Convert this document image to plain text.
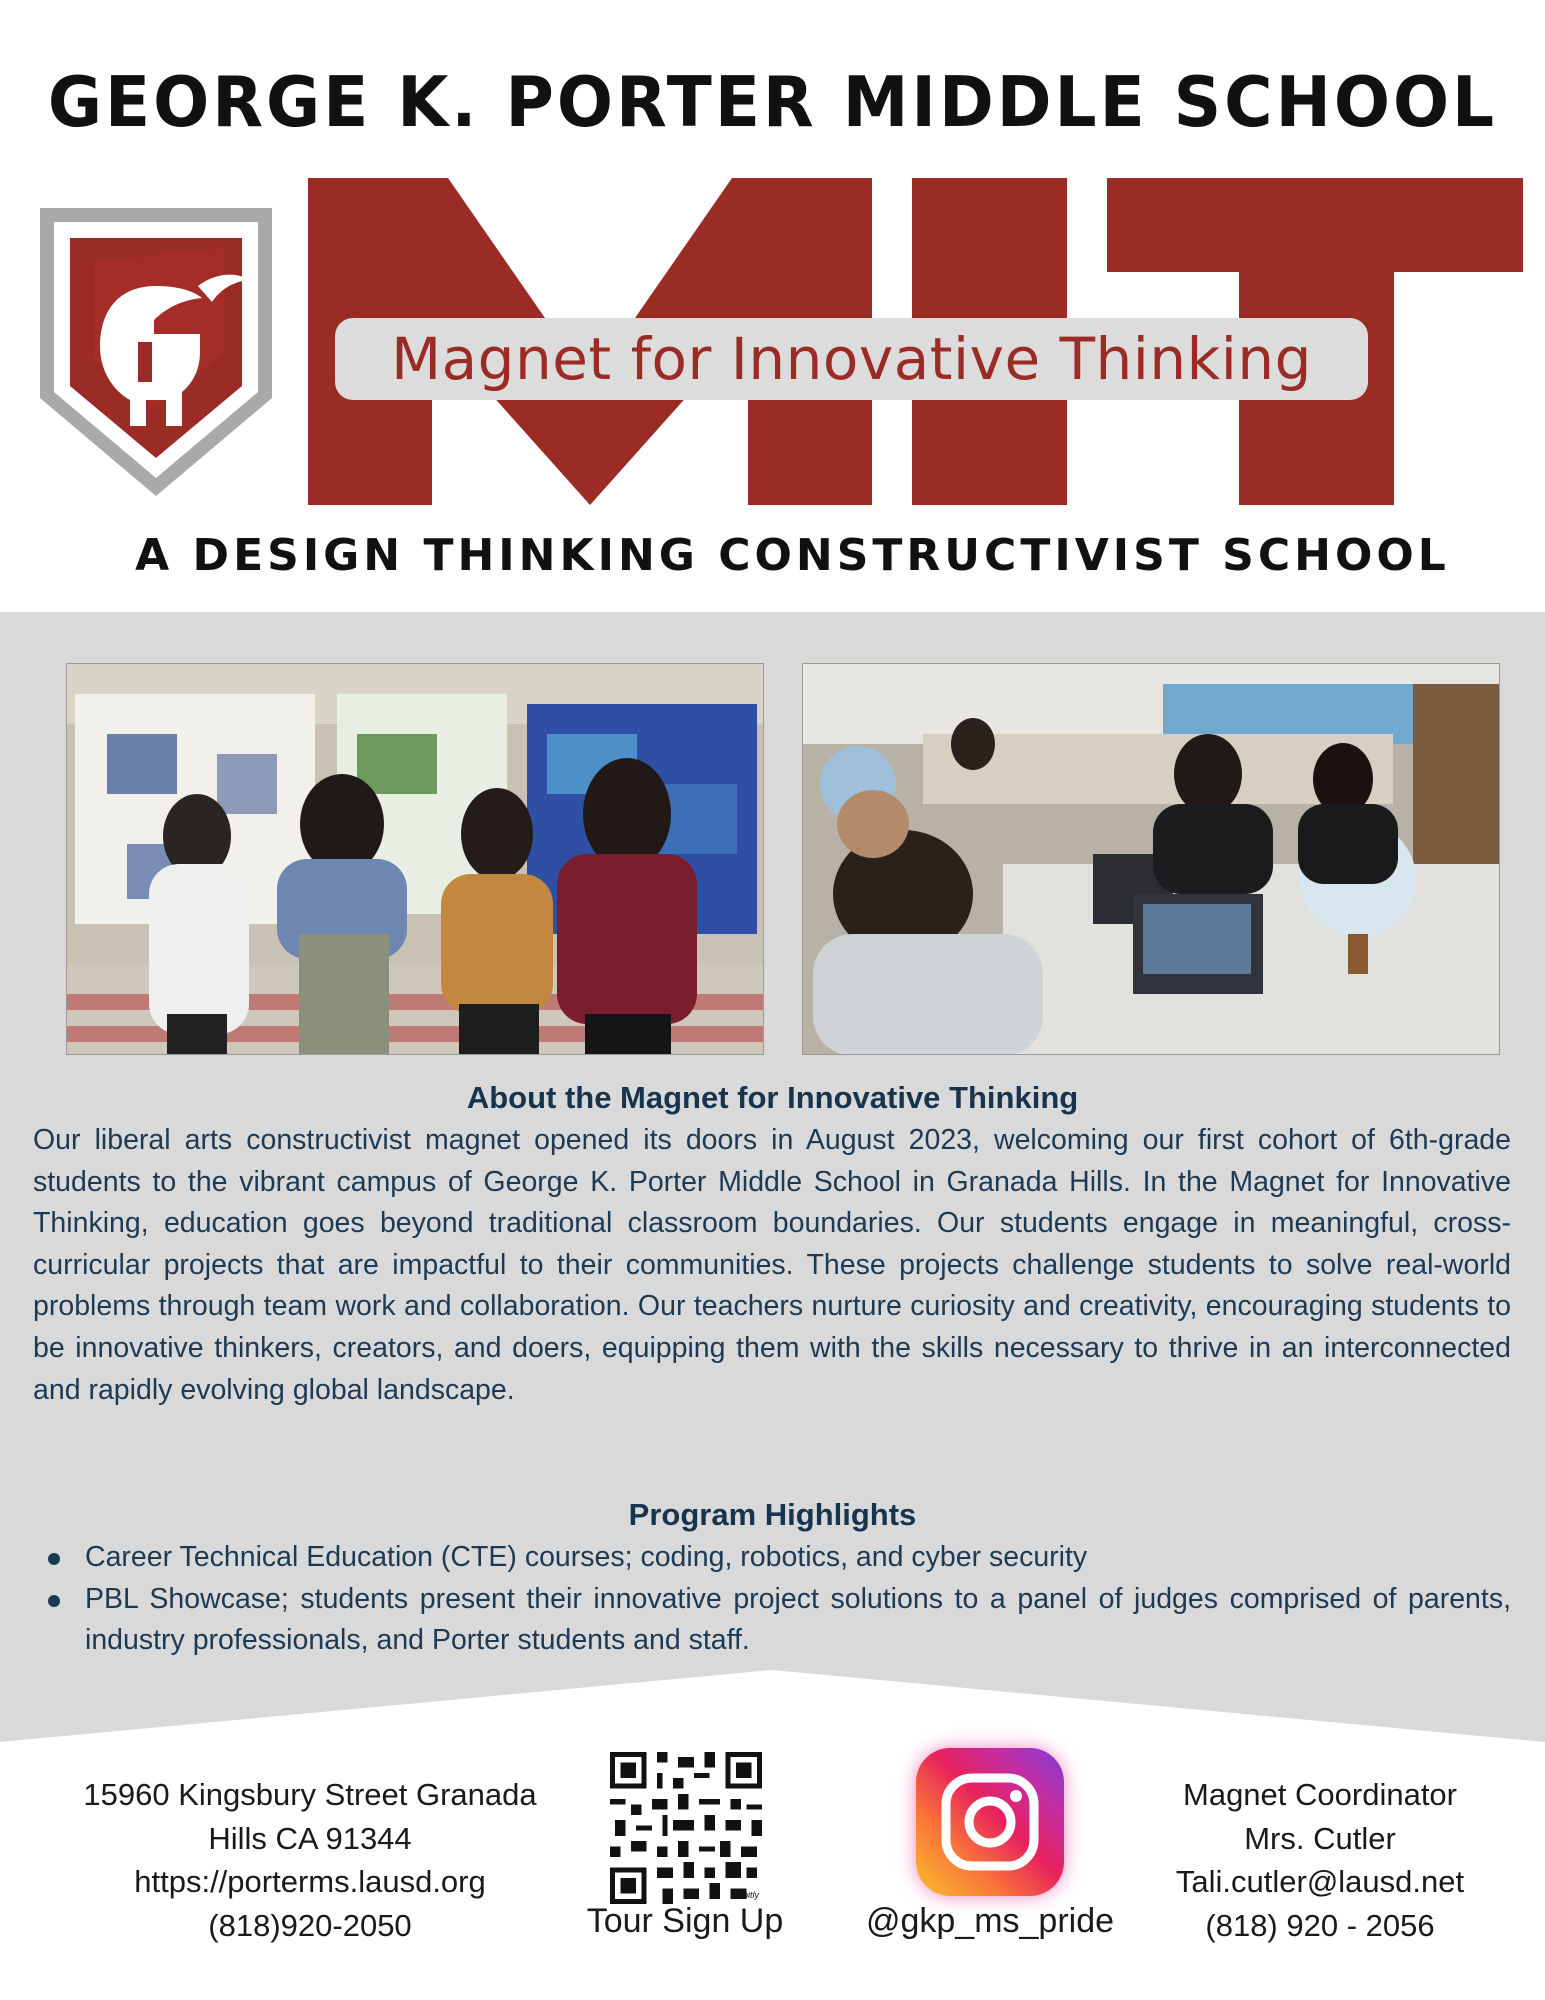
GEORGE K. PORTER MIDDLE SCHOOL
Magnet for Innovative Thinking
A DESIGN THINKING CONSTRUCTIVIST SCHOOL
About the Magnet for Innovative Thinking

Our liberal arts constructivist magnet opened its doors in August 2023, welcoming our first cohort of 6th-grade students to the vibrant campus of George K. Porter Middle School in Granada Hills. In the Magnet for Innovative Thinking, education goes beyond traditional classroom boundaries. Our students engage in meaningful, cross-curricular projects that are impactful to their communities. These projects challenge students to solve real-world problems through team work and collaboration. Our teachers nurture curiosity and creativity, encouraging students to be innovative thinkers, creators, and doers, equipping them with the skills necessary to thrive in an interconnected and rapidly evolving global landscape.

Program Highlights
Career Technical Education (CTE) courses; coding, robotics, and cyber security
PBL Showcase; students present their innovative project solutions to a panel of judges comprised of parents, industry professionals, and Porter students and staff.
15960 Kingsbury Street Granada
Hills CA 91344
https://porterms.lausd.org
(818)920-2050
bitly
Tour Sign Up	@gkp_ms_pride
Magnet Coordinator
Mrs. Cutler
Tali.cutler@lausd.net
(818) 920 - 2056
